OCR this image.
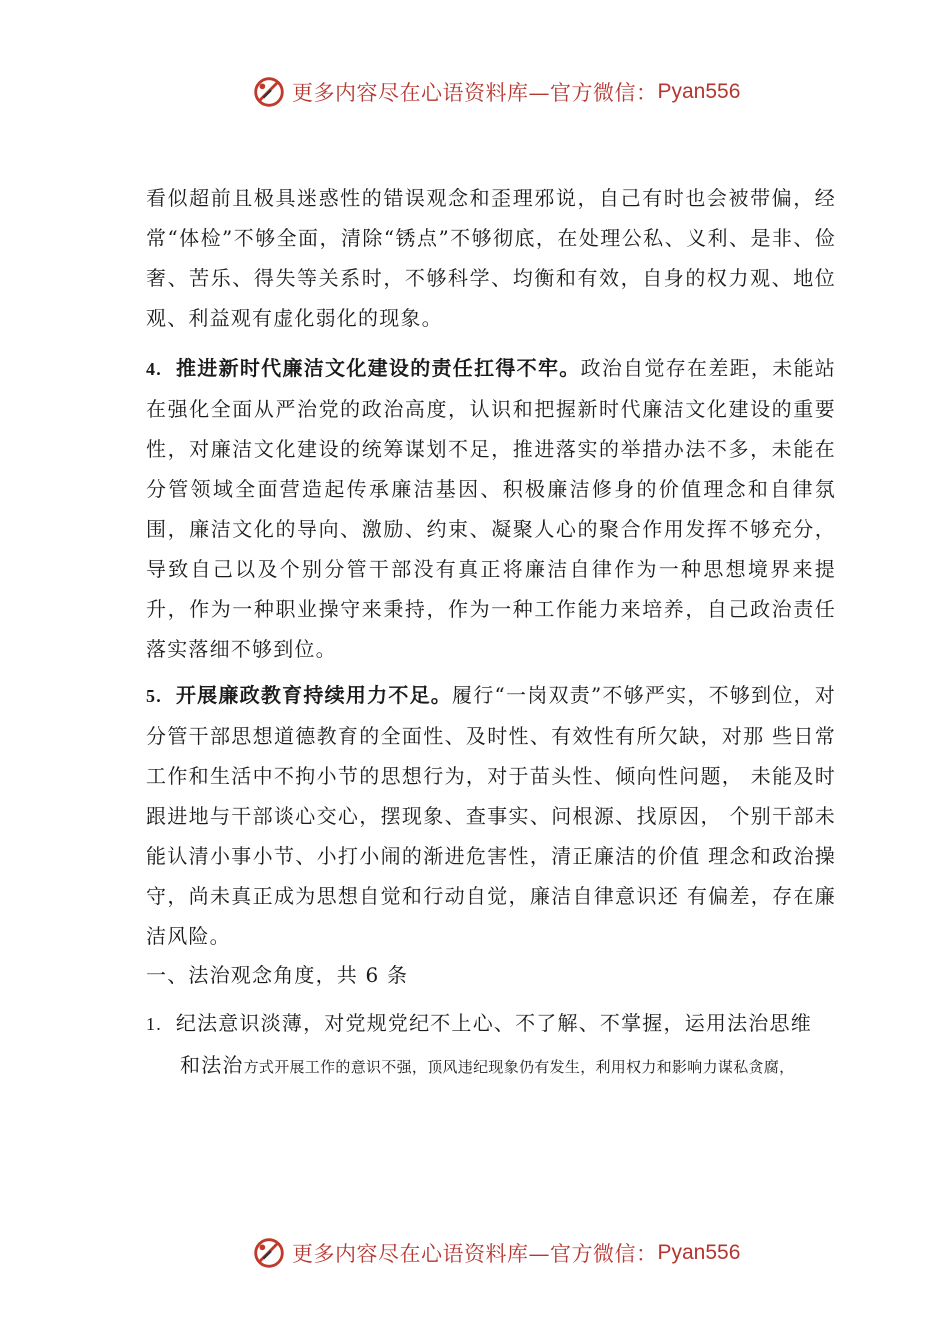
更多内容尽在心语资料库—官方微信： Pyan556

看似超前且极具迷惑性的错误观念和歪理邪说，自己有时也会被带偏，经常“体检”不够全面，清除“锈点”不够彻底，在处理公私、义利、是非、俭奢、苦乐、得失等关系时，不够科学、均衡和有效，自身的权力观、地位观、利益观有虚化弱化的现象。

4. 推进新时代廉洁文化建设的责任扛得不牢。政治自觉存在差距，未能站在强化全面从严治党的政治高度，认识和把握新时代廉洁文化建设的重要性，对廉洁文化建设的统筹谋划不足，推进落实的举措办法不多，未能在分管领域全面营造起传承廉洁基因、积极廉洁修身的价值理念和自律氛围，廉洁文化的导向、激励、约束、凝聚人心的聚合作用发挥不够充分，导致自己以及个别分管干部没有真正将廉洁自律作为一种思想境界来提升，作为一种职业操守来秉持，作为一种工作能力来培养，自己政治责任落实落细不够到位。

5. 开展廉政教育持续用力不足。履行“一岗双责”不够严实，不够到位，对分管干部思想道德教育的全面性、及时性、有效性有所欠缺，对那 些日常工作和生活中不拘小节的思想行为，对于苗头性、倾向性问题， 未能及时跟进地与干部谈心交心，摆现象、查事实、问根源、找原因， 个别干部未能认清小事小节、小打小闹的渐进危害性，清正廉洁的价值 理念和政治操守，尚未真正成为思想自觉和行动自觉，廉洁自律意识还 有偏差，存在廉洁风险。

一、法治观念角度，共 6 条
1. 纪法意识淡薄，对党规党纪不上心、不了解、不掌握，运用法治思维
和法治方式开展工作的意识不强，顶风违纪现象仍有发生，利用权力和影响力谋私贪腐，
更多内容尽在心语资料库—官方微信： Pyan556
